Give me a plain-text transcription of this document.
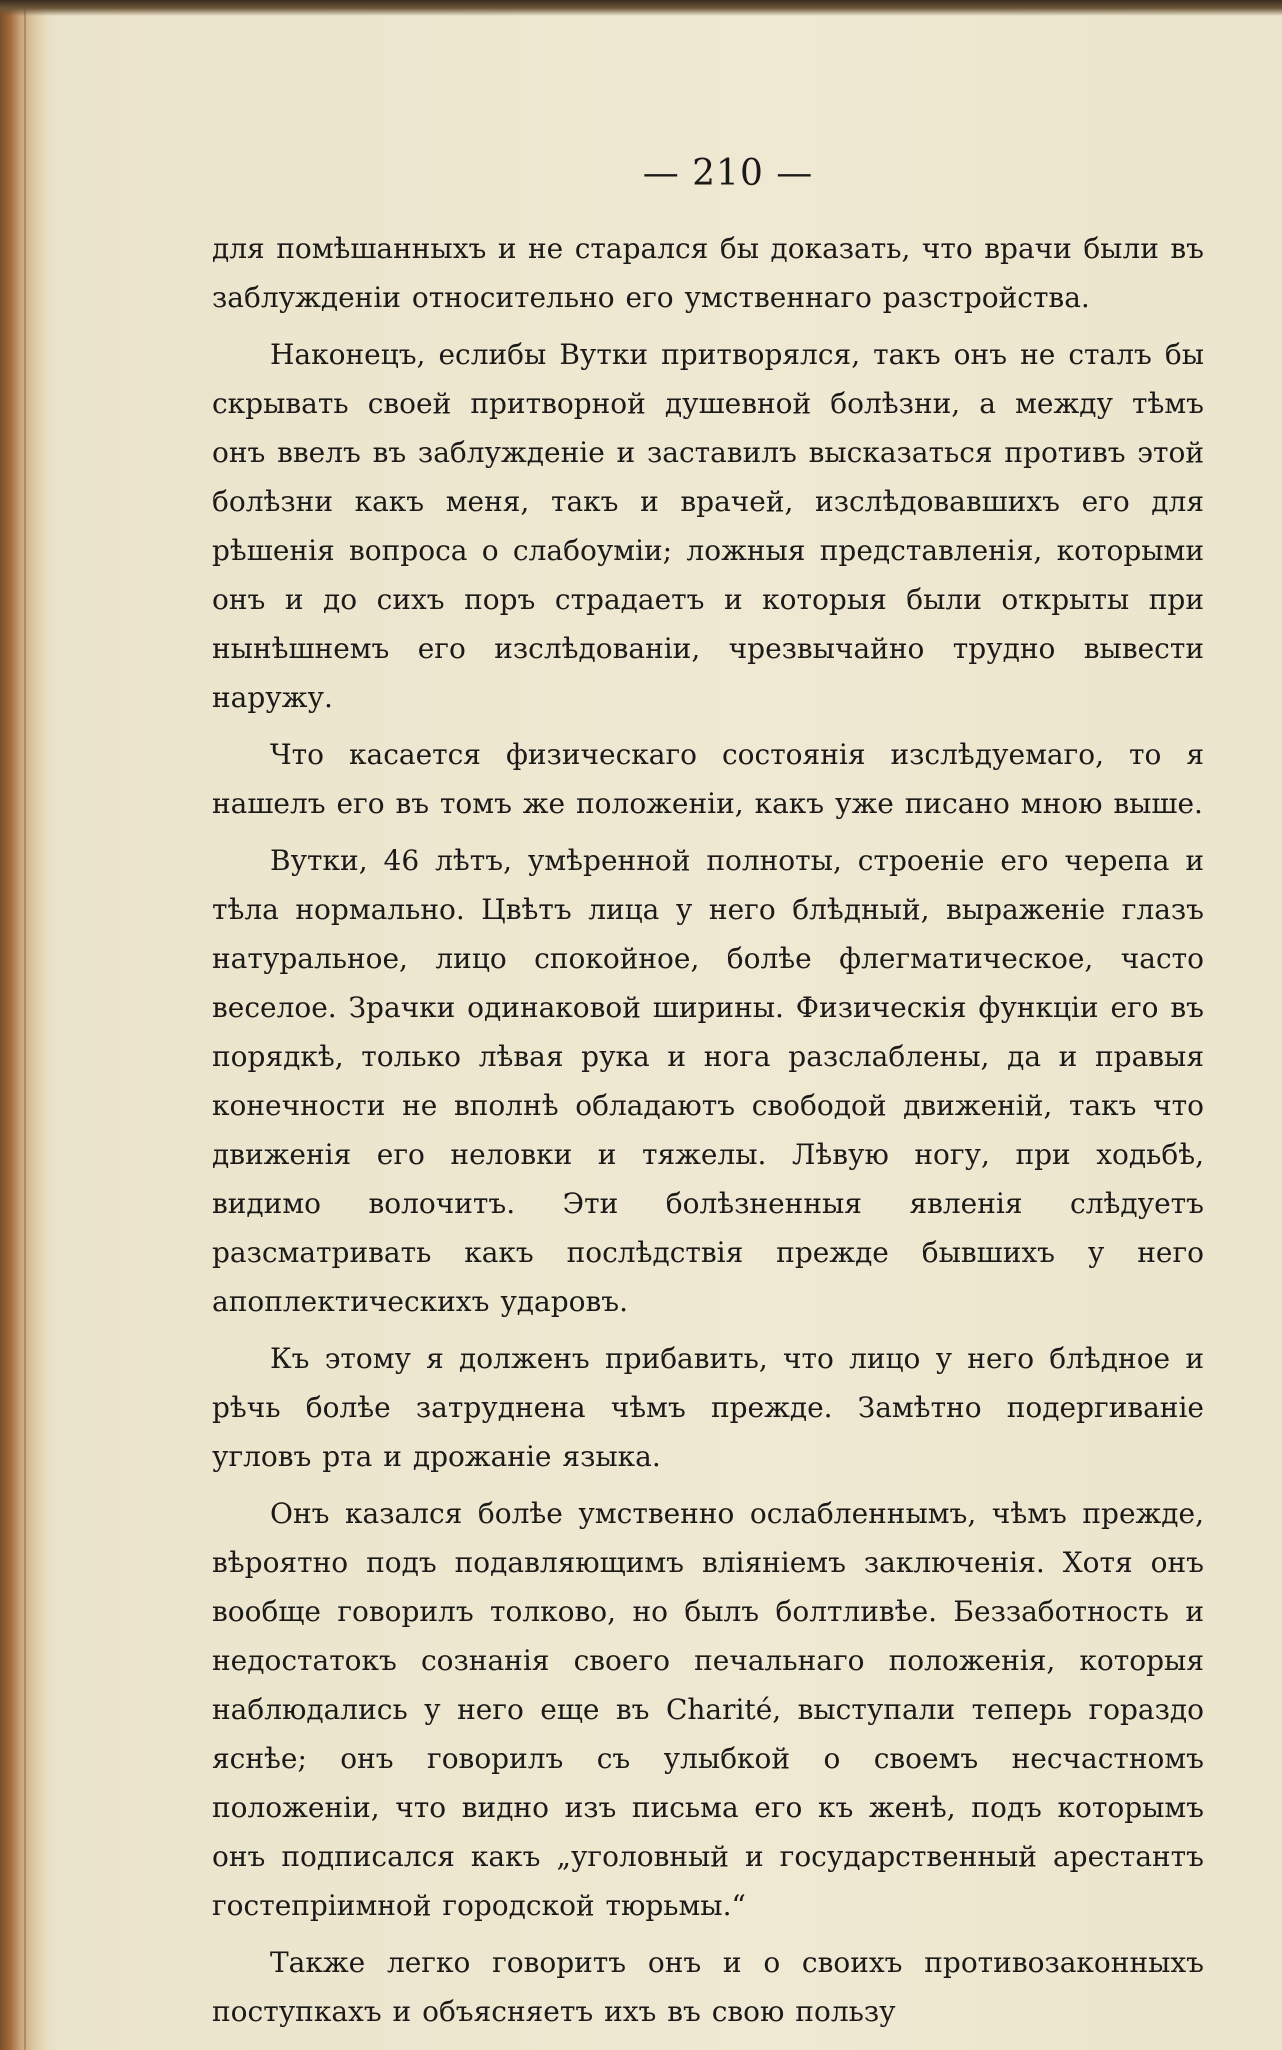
— 210 —

для помѣшанныхъ и не старался бы доказать, что врачи были въ заблужденіи относительно его умственнаго разстройства.

Наконецъ, еслибы Вутки притворялся, такъ онъ не сталъ бы скрывать своей притворной душевной болѣзни, а между тѣмъ онъ ввелъ въ заблужденіе и заставилъ высказаться противъ этой болѣзни какъ меня, такъ и врачей, изслѣдовавшихъ его для рѣшенія вопроса о слабоуміи; ложныя представленія, которыми онъ и до сихъ поръ страдаетъ и которыя были открыты при нынѣшнемъ его изслѣдованіи, чрезвычайно трудно вывести наружу.

Что касается физическаго состоянія изслѣдуемаго, то я нашелъ его въ томъ же положеніи, какъ уже писано мною выше.

Вутки, 46 лѣтъ, умѣренной полноты, строеніе его черепа и тѣла нормально. Цвѣтъ лица у него блѣдный, выраженіе глазъ натуральное, лицо спокойное, болѣе флегматическое, часто веселое. Зрачки одинаковой ширины. Физическія функціи его въ порядкѣ, только лѣвая рука и нога разслаблены, да и правыя конечности не вполнѣ обладаютъ свободой движеній, такъ что движенія его неловки и тяжелы. Лѣвую ногу, при ходьбѣ, видимо волочитъ. Эти болѣзненныя явленія слѣдуетъ разсматривать какъ послѣдствія прежде бывшихъ у него апоплектическихъ ударовъ.

Къ этому я долженъ прибавить, что лицо у него блѣдное и рѣчь болѣе затруднена чѣмъ прежде. Замѣтно подергиваніе угловъ рта и дрожаніе языка.

Онъ казался болѣе умственно ослабленнымъ, чѣмъ прежде, вѣроятно подъ подавляющимъ вліяніемъ заключенія. Хотя онъ вообще говорилъ толково, но былъ болтливѣе. Беззаботность и недостатокъ сознанія своего печальнаго положенія, которыя наблюдались у него еще въ Charité, выступали теперь гораздо яснѣе; онъ говорилъ съ улыбкой о своемъ несчастномъ положеніи, что видно изъ письма его къ женѣ, подъ которымъ онъ подписался какъ „уголовный и государственный арестантъ гостепріимной городской тюрьмы.“

Также легко говоритъ онъ и о своихъ противозаконныхъ поступкахъ и объясняетъ ихъ въ свою пользу
